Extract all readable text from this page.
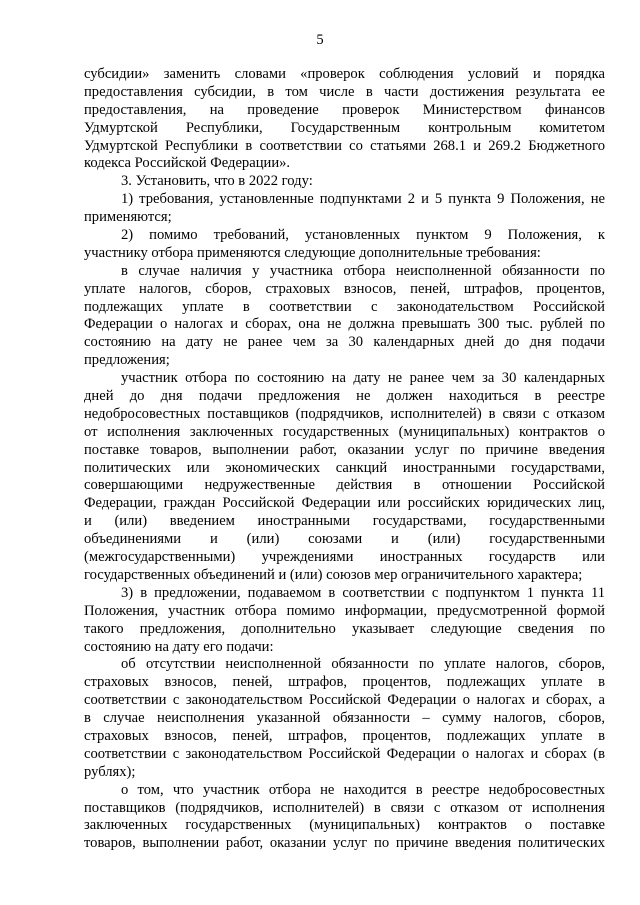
5
субсидии» заменить словами «проверок соблюдения условий и порядка
предоставления субсидии, в том числе в части достижения результата ее
предоставления, на проведение проверок Министерством финансов
Удмуртской Республики, Государственным контрольным комитетом
Удмуртской Республики в соответствии со статьями 268.1 и 269.2 Бюджетного
кодекса Российской Федерации».
3. Установить, что в 2022 году:
1) требования, установленные подпунктами 2 и 5 пункта 9 Положения, не
применяются;
2) помимо требований, установленных пунктом 9 Положения, к
участнику отбора применяются следующие дополнительные требования:
в случае наличия у участника отбора неисполненной обязанности по
уплате налогов, сборов, страховых взносов, пеней, штрафов, процентов,
подлежащих уплате в соответствии с законодательством Российской
Федерации о налогах и сборах, она не должна превышать 300 тыс. рублей по
состоянию на дату не ранее чем за 30 календарных дней до дня подачи
предложения;
участник отбора по состоянию на дату не ранее чем за 30 календарных
дней до дня подачи предложения не должен находиться в реестре
недобросовестных поставщиков (подрядчиков, исполнителей) в связи с отказом
от исполнения заключенных государственных (муниципальных) контрактов о
поставке товаров, выполнении работ, оказании услуг по причине введения
политических или экономических санкций иностранными государствами,
совершающими недружественные действия в отношении Российской
Федерации, граждан Российской Федерации или российских юридических лиц,
и (или) введением иностранными государствами, государственными
объединениями и (или) союзами и (или) государственными
(межгосударственными) учреждениями иностранных государств или
государственных объединений и (или) союзов мер ограничительного характера;
3) в предложении, подаваемом в соответствии с подпунктом 1 пункта 11
Положения, участник отбора помимо информации, предусмотренной формой
такого предложения, дополнительно указывает следующие сведения по
состоянию на дату его подачи:
об отсутствии неисполненной обязанности по уплате налогов, сборов,
страховых взносов, пеней, штрафов, процентов, подлежащих уплате в
соответствии с законодательством Российской Федерации о налогах и сборах, а
в случае неисполнения указанной обязанности – сумму налогов, сборов,
страховых взносов, пеней, штрафов, процентов, подлежащих уплате в
соответствии с законодательством Российской Федерации о налогах и сборах (в
рублях);
о том, что участник отбора не находится в реестре недобросовестных
поставщиков (подрядчиков, исполнителей) в связи с отказом от исполнения
заключенных государственных (муниципальных) контрактов о поставке
товаров, выполнении работ, оказании услуг по причине введения политических
